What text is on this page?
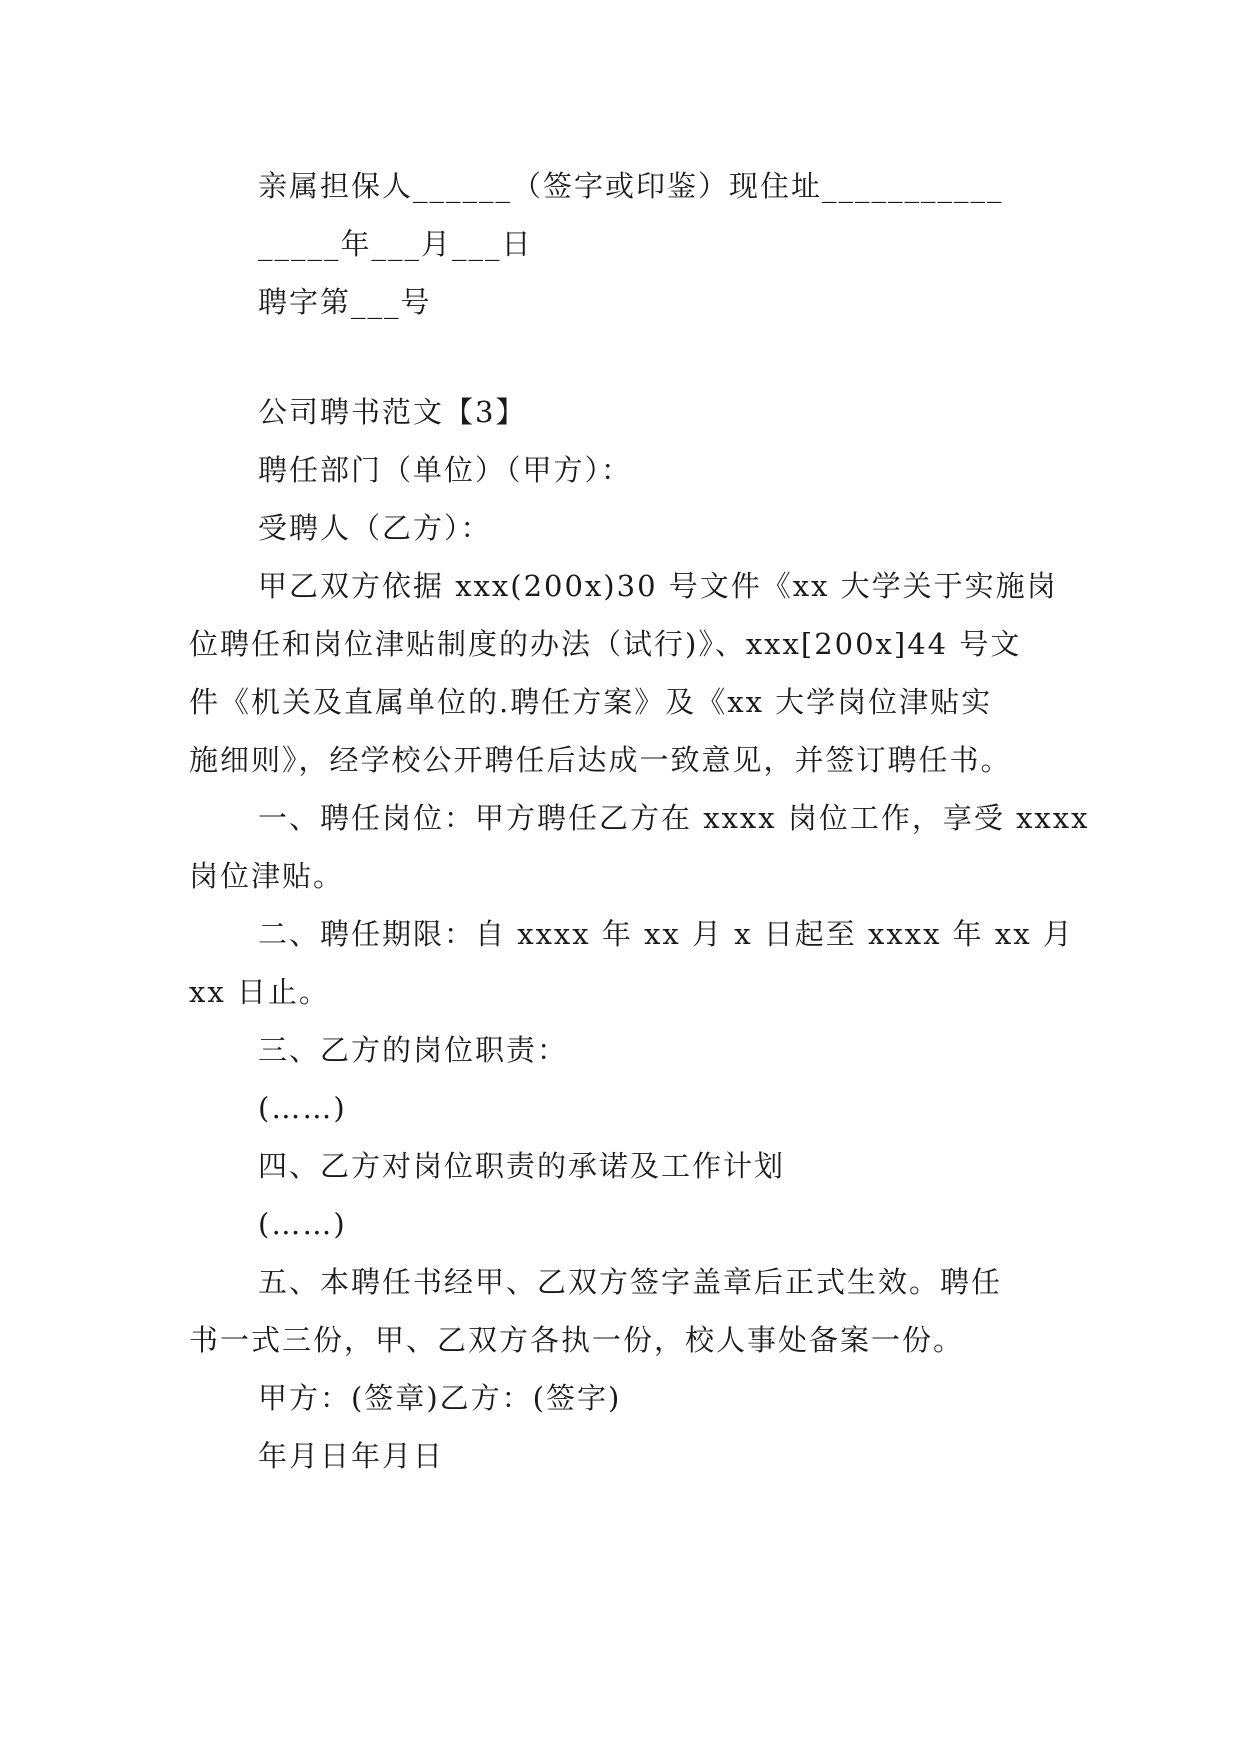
亲属担保人______（签字或印鉴）现住址___________

_____年___月___日

聘字第___号

公司聘书范文【3】

聘任部门（单位）（甲方）：

受聘人（乙方）：

甲乙双方依据 xxx(200x)30 号文件《xx 大学关于实施岗

位聘任和岗位津贴制度的办法（试行)》、xxx[200x]44 号文

件《机关及直属单位的.聘任方案》及《xx 大学岗位津贴实

施细则》，经学校公开聘任后达成一致意见，并签订聘任书。

一、聘任岗位：甲方聘任乙方在 xxxx 岗位工作，享受 xxxx

岗位津贴。

二、聘任期限：自 xxxx 年 xx 月 x 日起至 xxxx 年 xx 月

xx 日止。

三、乙方的岗位职责：

(……)

四、乙方对岗位职责的承诺及工作计划

(……)

五、本聘任书经甲、乙双方签字盖章后正式生效。聘任

书一式三份，甲、乙双方各执一份，校人事处备案一份。

甲方：(签章)乙方：(签字)

年月日年月日
